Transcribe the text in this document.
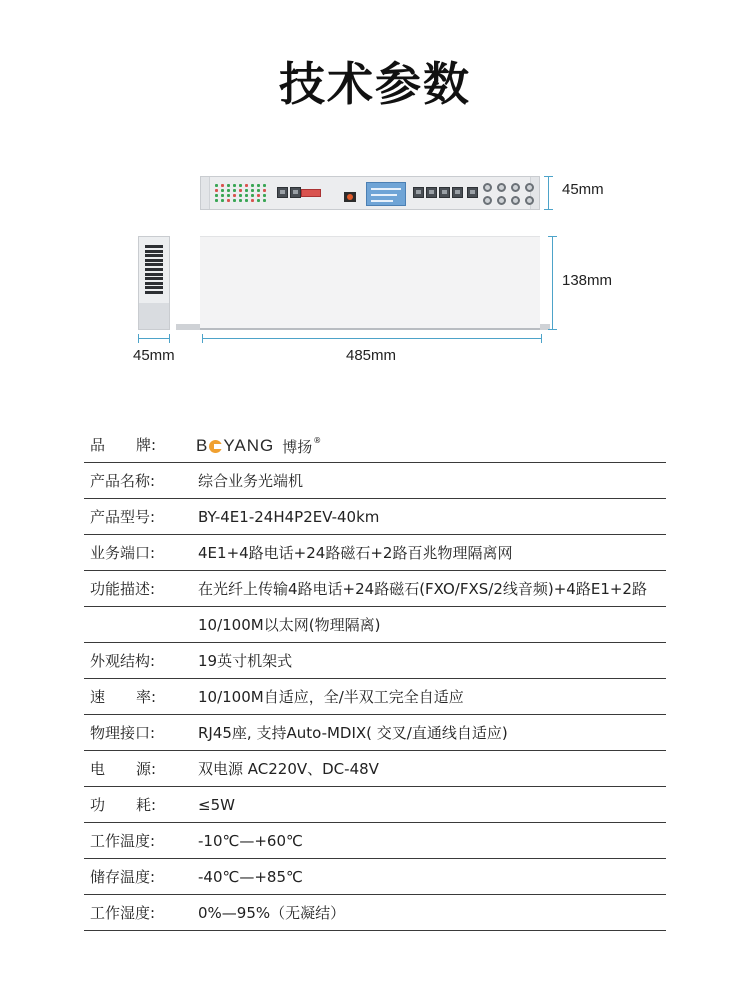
技术参数
45mm
138mm
45mm	485mm
品 牌: B YANG 博扬 ®
产品名称:	综合业务光端机
产品型号:	BY-4E1-24H4P2EV-40km
业务端口:	4E1+4路电话+24路磁石+2路百兆物理隔离网
功能描述:	在光纤上传输4路电话+24路磁石(FXO/FXS/2线音频)+4路E1+2路
10/100M以太网(物理隔离)
外观结构:	19英寸机架式
速 率:	10/100M自适应，全/半双工完全自适应
物理接口:	RJ45座, 支持Auto-MDIX( 交叉/直通线自适应)
电 源:	双电源 AC220V、DC-48V
功 耗:	≤5W
工作温度:	-10℃—+60℃
储存温度:	-40℃—+85℃
工作湿度:	0%—95%（无凝结）
